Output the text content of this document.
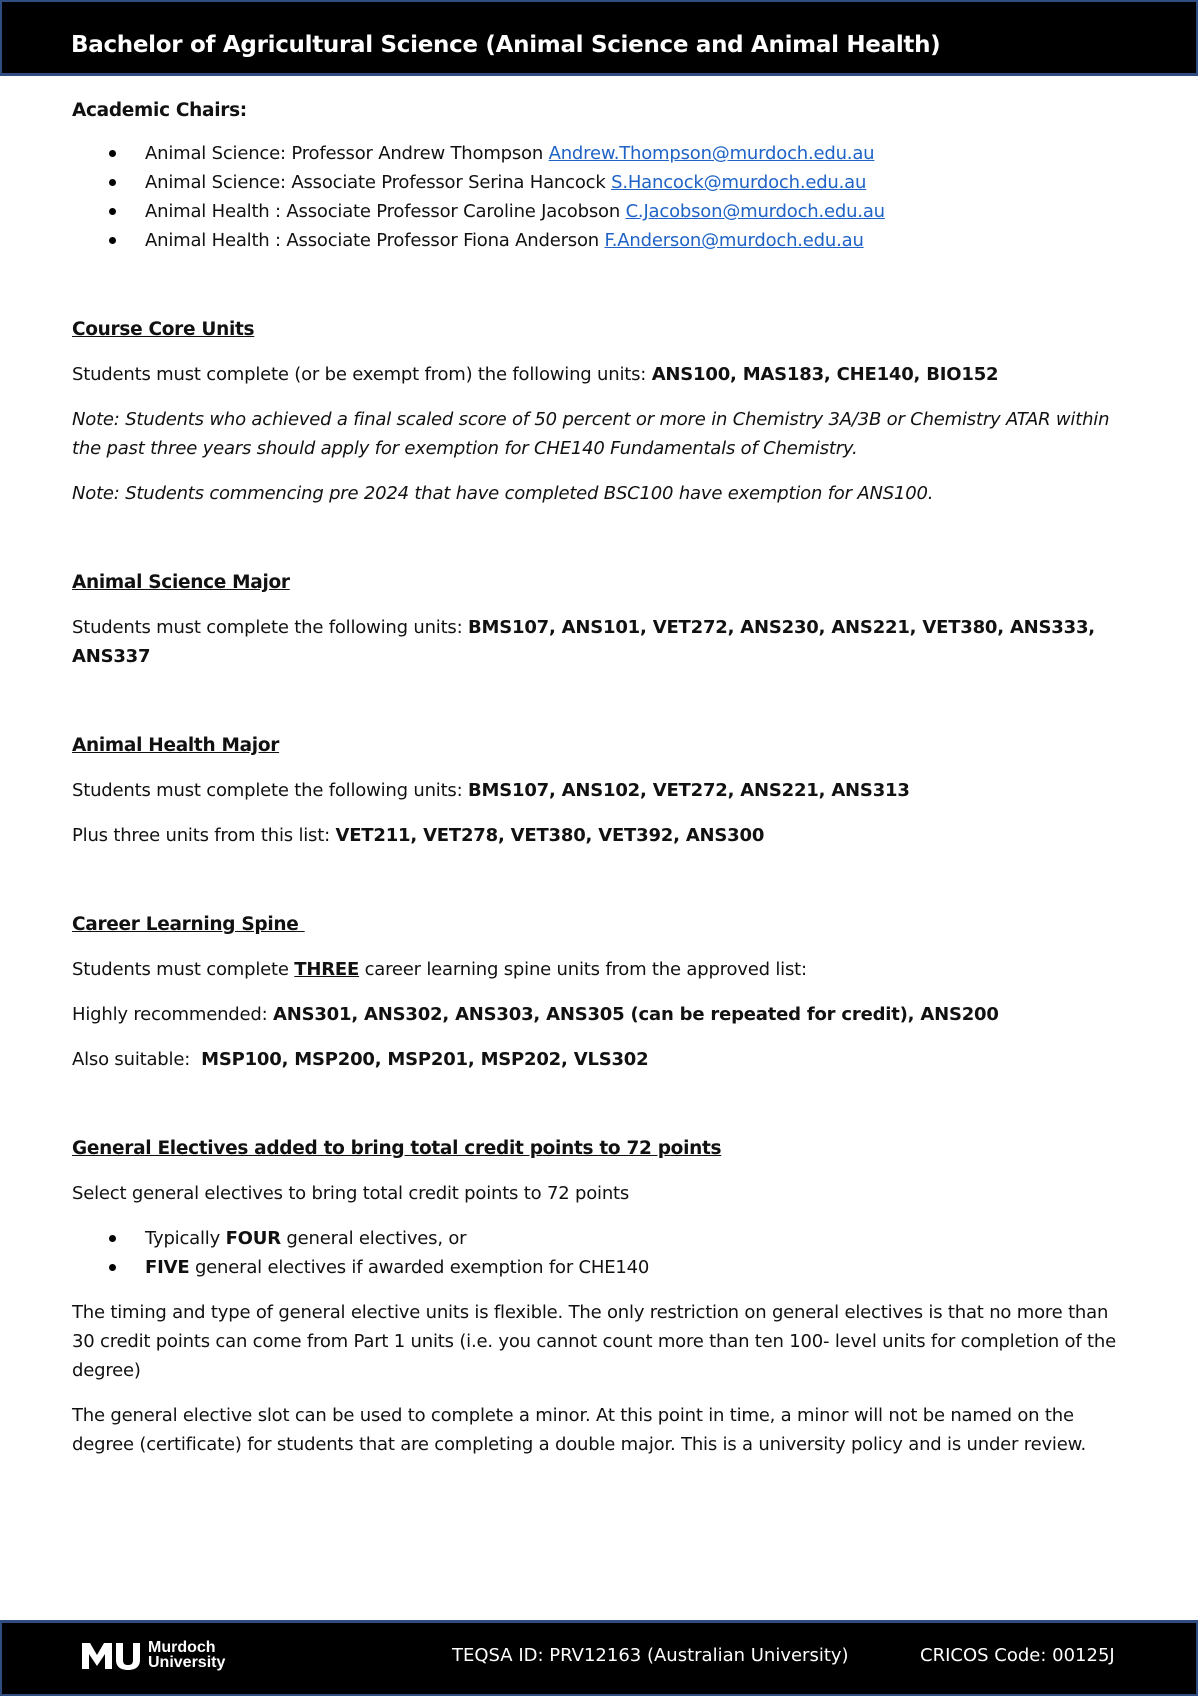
Bachelor of Agricultural Science (Animal Science and Animal Health)
Academic Chairs:
Animal Science: Professor Andrew Thompson Andrew.Thompson@murdoch.edu.au
Animal Science: Associate Professor Serina Hancock S.Hancock@murdoch.edu.au
Animal Health : Associate Professor Caroline Jacobson C.Jacobson@murdoch.edu.au
Animal Health : Associate Professor Fiona Anderson F.Anderson@murdoch.edu.au
Course Core Units

Students must complete (or be exempt from) the following units: ANS100, MAS183, CHE140, BIO152

Note: Students who achieved a final scaled score of 50 percent or more in Chemistry 3A/3B or Chemistry ATAR within the past three years should apply for exemption for CHE140 Fundamentals of Chemistry.

Note: Students commencing pre 2024 that have completed BSC100 have exemption for ANS100.

Animal Science Major

Students must complete the following units: BMS107, ANS101, VET272, ANS230, ANS221, VET380, ANS333, ANS337

Animal Health Major

Students must complete the following units: BMS107, ANS102, VET272, ANS221, ANS313

Plus three units from this list: VET211, VET278, VET380, VET392, ANS300

Career Learning Spine

Students must complete THREE career learning spine units from the approved list:

Highly recommended: ANS301, ANS302, ANS303, ANS305 (can be repeated for credit), ANS200

Also suitable:  MSP100, MSP200, MSP201, MSP202, VLS302

General Electives added to bring total credit points to 72 points

Select general electives to bring total credit points to 72 points

Typically FOUR general electives, or
FIVE general electives if awarded exemption for CHE140

The timing and type of general elective units is flexible. The only restriction on general electives is that no more than 30 credit points can come from Part 1 units (i.e. you cannot count more than ten 100- level units for completion of the degree)

The general elective slot can be used to complete a minor. At this point in time, a minor will not be named on the degree (certificate) for students that are completing a double major. This is a university policy and is under review.

Murdoch
University	TEQSA ID: PRV12163 (Australian University)	CRICOS Code: 00125J
